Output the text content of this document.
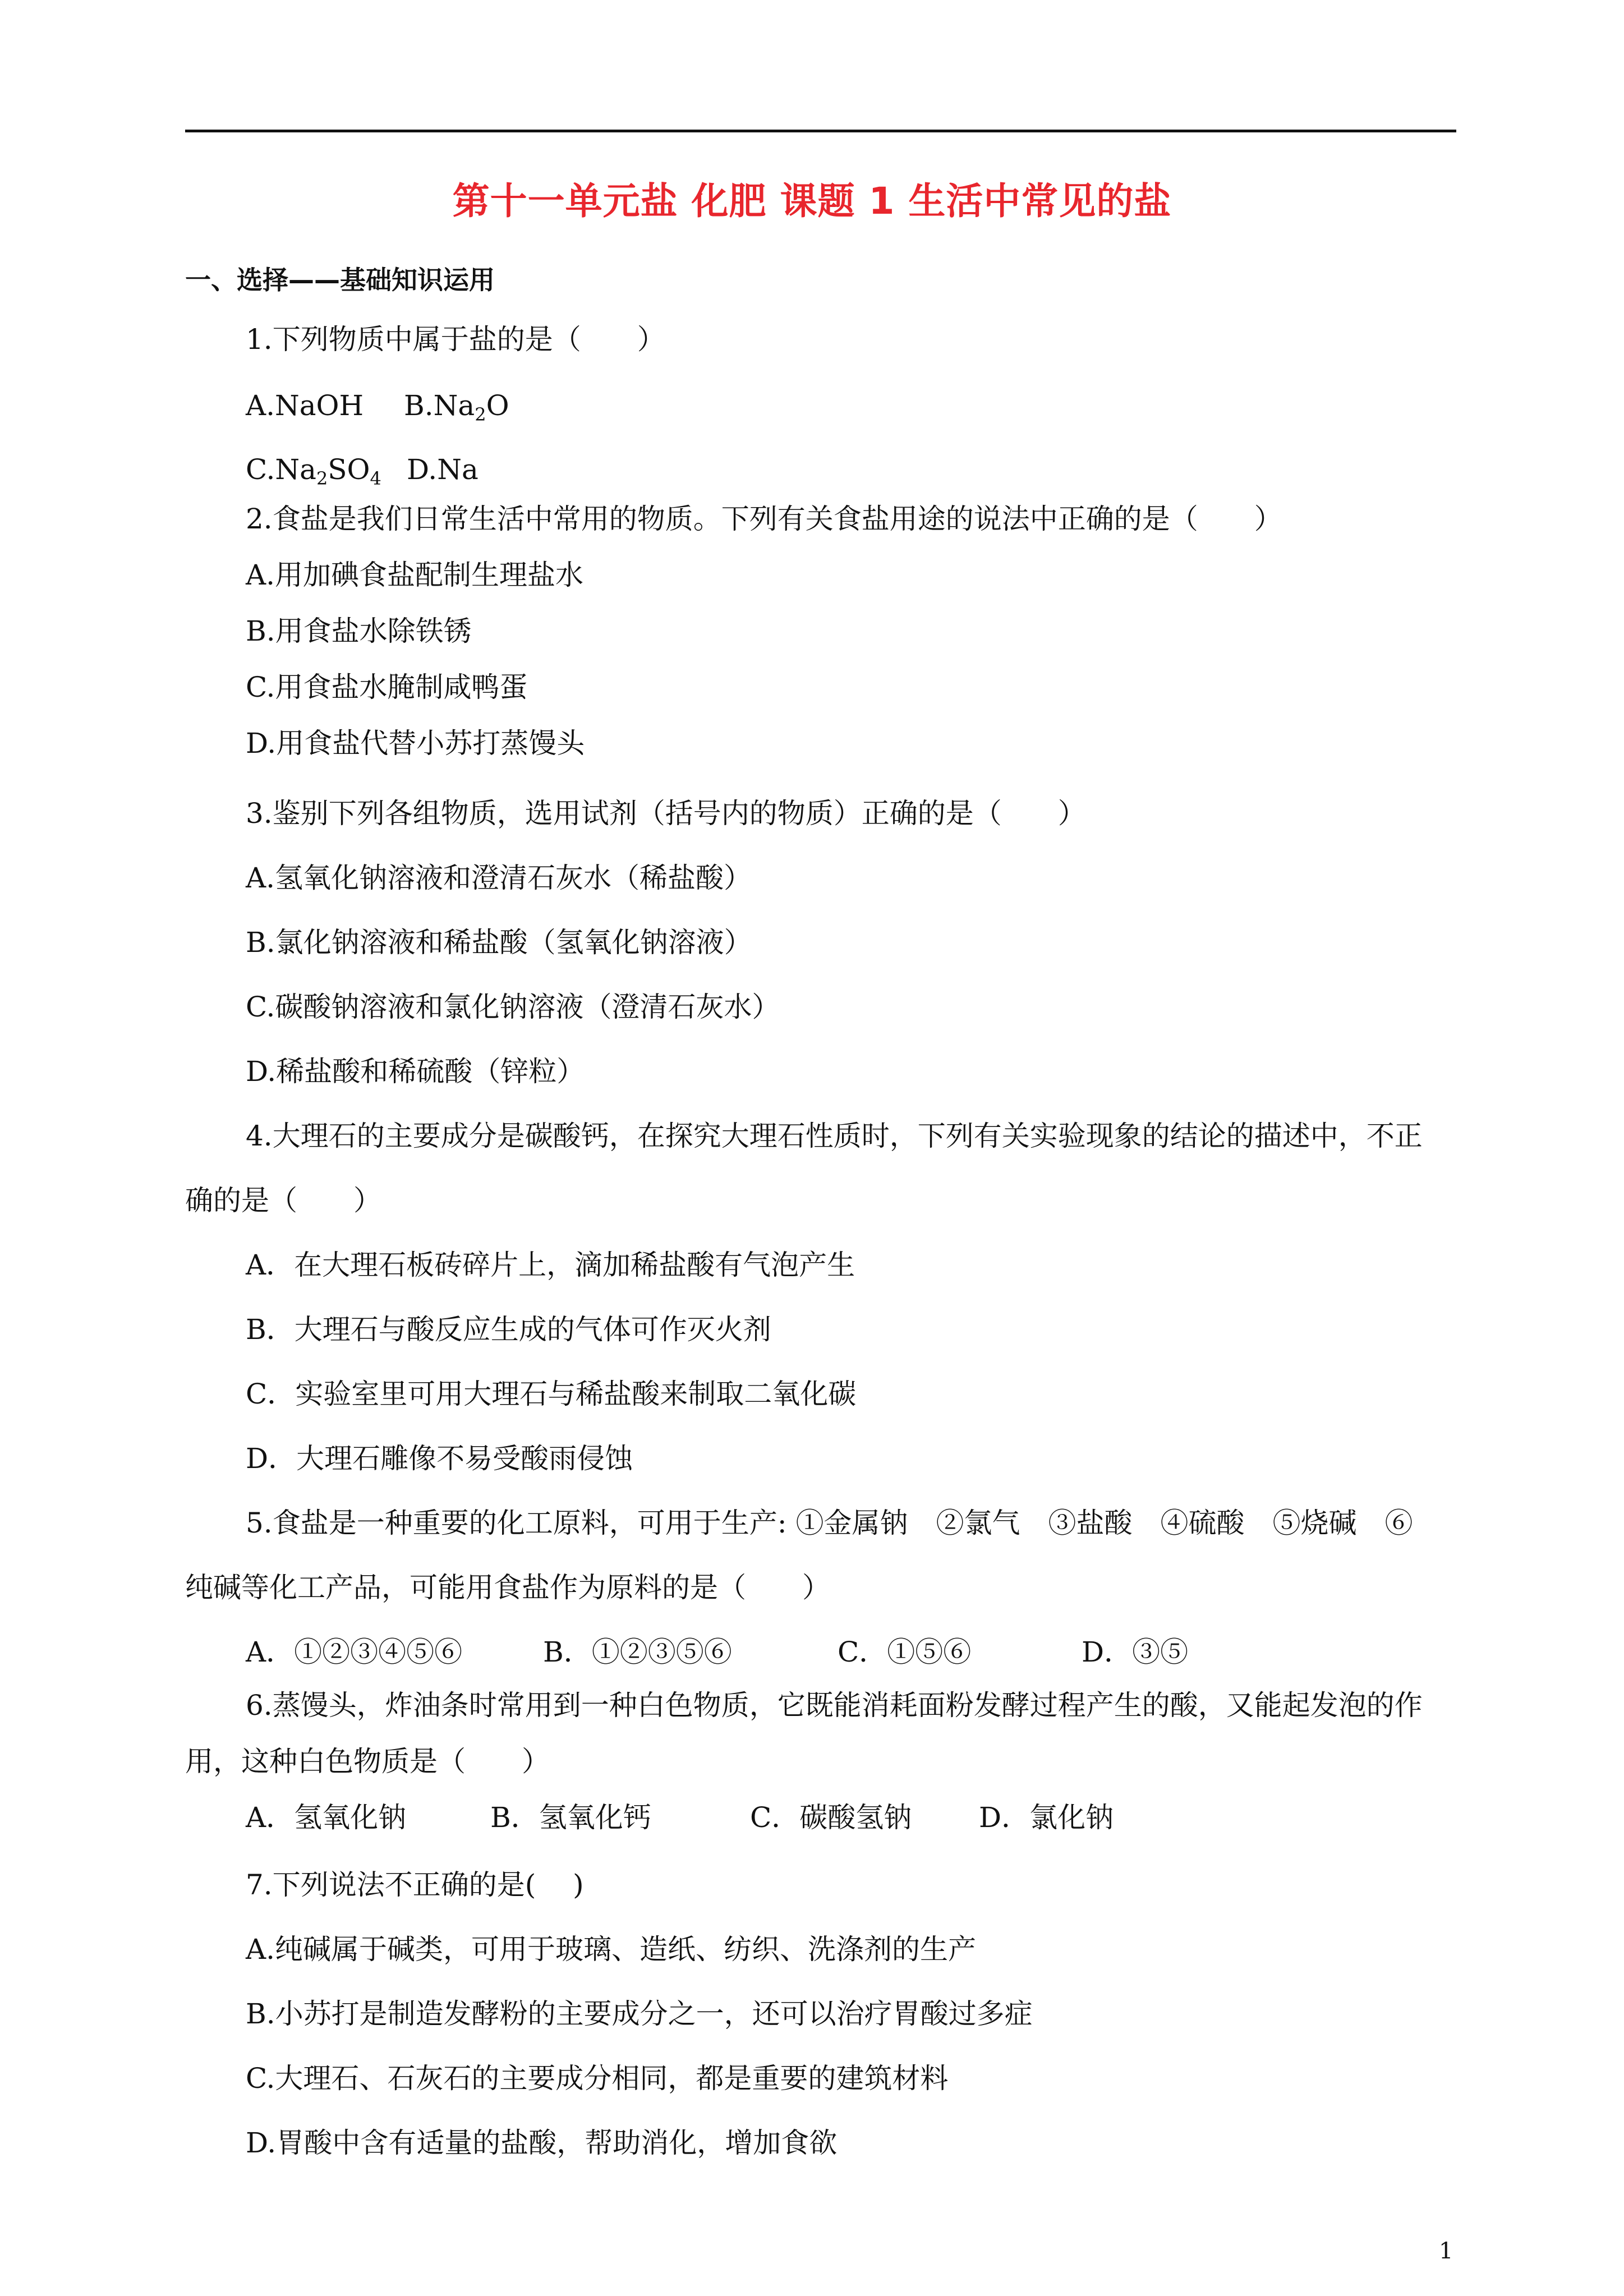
第十一单元盐 化肥 课题 1 生活中常见的盐
一、选择——基础知识运用
1.下列物质中属于盐的是（　　）
A.NaOH $B.Na_2O$
$C.Na_2SO_4$ D.Na
2.食盐是我们日常生活中常用的物质。下列有关食盐用途的说法中正确的是（　　）
A.用加碘食盐配制生理盐水
B.用食盐水除铁锈
C.用食盐水腌制咸鸭蛋
D.用食盐代替小苏打蒸馒头
3.鉴别下列各组物质，选用试剂（括号内的物质）正确的是（　　）
A.氢氧化钠溶液和澄清石灰水（稀盐酸）
B.氯化钠溶液和稀盐酸（氢氧化钠溶液）
C.碳酸钠溶液和氯化钠溶液（澄清石灰水）
D.稀盐酸和稀硫酸（锌粒）
4.大理石的主要成分是碳酸钙，在探究大理石性质时，下列有关实验现象的结论的描述中，不正
确的是（　　）
A．在大理石板砖碎片上，滴加稀盐酸有气泡产生
B．大理石与酸反应生成的气体可作灭火剂
C．实验室里可用大理石与稀盐酸来制取二氧化碳
D．大理石雕像不易受酸雨侵蚀
5.食盐是一种重要的化工原料，可用于生产: ①金属钠　②氯气　③盐酸　④硫酸　⑤烧碱　⑥
纯碱等化工产品，可能用食盐作为原料的是（　　）
A．①②③④⑤⑥	B．①②③⑤⑥	C．①⑤⑥	D．③⑤
6.蒸馒头，炸油条时常用到一种白色物质，它既能消耗面粉发酵过程产生的酸，又能起发泡的作
用，这种白色物质是（　　）
A．氢氧化钠	B．氢氧化钙	C．碳酸氢钠 D．氯化钠
7.下列说法不正确的是(　 )
A.纯碱属于碱类，可用于玻璃、造纸、纺织、洗涤剂的生产
B.小苏打是制造发酵粉的主要成分之一，还可以治疗胃酸过多症
C.大理石、石灰石的主要成分相同，都是重要的建筑材料
D.胃酸中含有适量的盐酸，帮助消化，增加食欲
1
